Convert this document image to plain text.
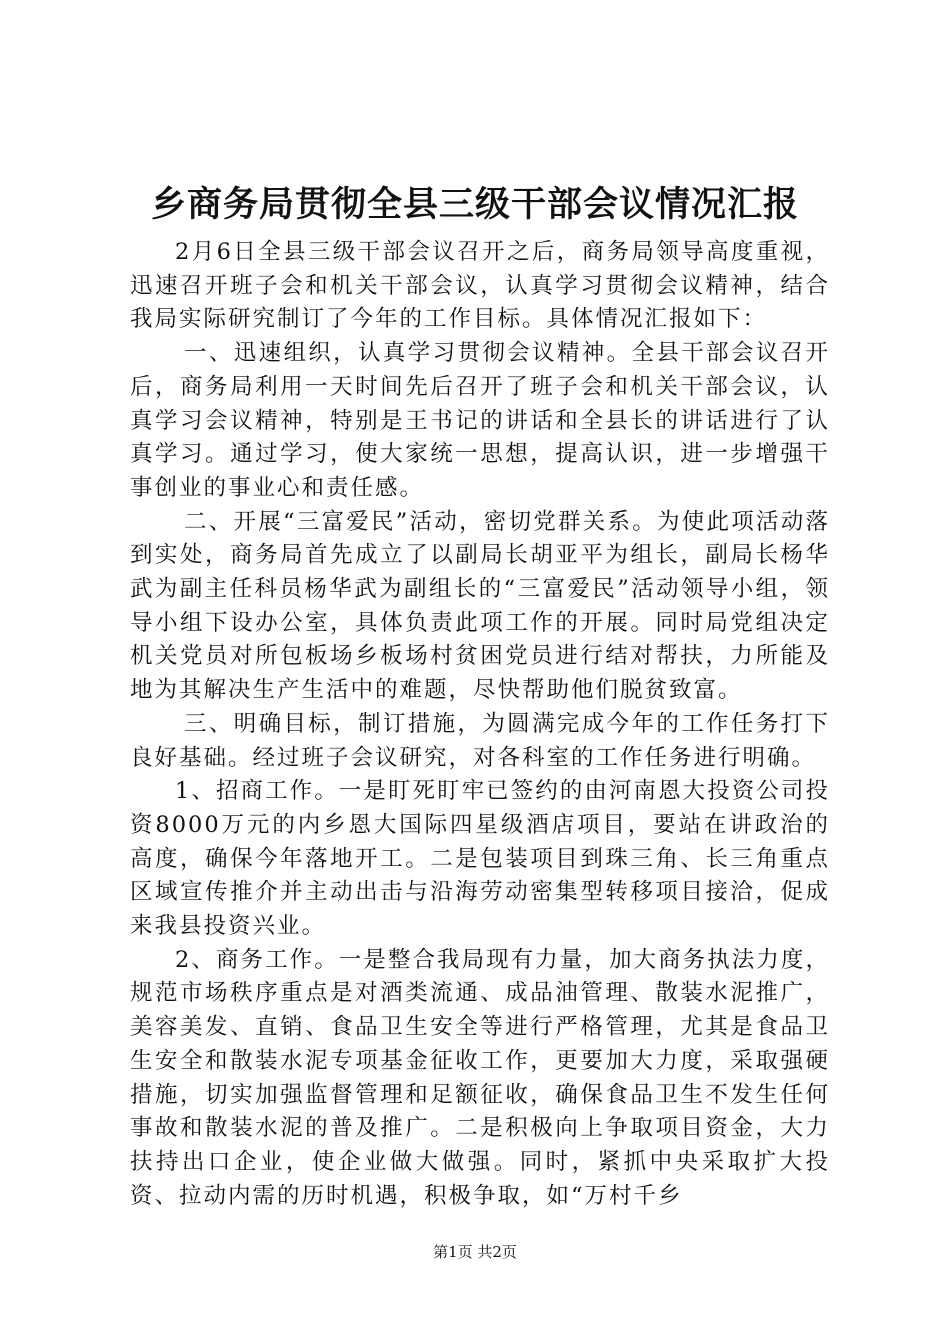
乡商务局贯彻全县三级干部会议情况汇报

2月6日全县三级干部会议召开之后，商务局领导高度重视，迅速召开班子会和机关干部会议，认真学习贯彻会议精神，结合我局实际研究制订了今年的工作目标。具体情况汇报如下：

一、迅速组织，认真学习贯彻会议精神。全县干部会议召开后，商务局利用一天时间先后召开了班子会和机关干部会议，认真学习会议精神，特别是王书记的讲话和全县长的讲话进行了认真学习。通过学习，使大家统一思想，提高认识，进一步增强干事创业的事业心和责任感。

二、开展“三富爱民”活动，密切党群关系。为使此项活动落到实处，商务局首先成立了以副局长胡亚平为组长，副局长杨华武为副主任科员杨华武为副组长的“三富爱民”活动领导小组，领导小组下设办公室，具体负责此项工作的开展。同时局党组决定机关党员对所包板场乡板场村贫困党员进行结对帮扶，力所能及地为其解决生产生活中的难题，尽快帮助他们脱贫致富。

三、明确目标，制订措施，为圆满完成今年的工作任务打下良好基础。经过班子会议研究，对各科室的工作任务进行明确。

1、招商工作。一是盯死盯牢已签约的由河南恩大投资公司投资8000万元的内乡恩大国际四星级酒店项目，要站在讲政治的高度，确保今年落地开工。二是包装项目到珠三角、长三角重点区域宣传推介并主动出击与沿海劳动密集型转移项目接洽，促成来我县投资兴业。

2、商务工作。一是整合我局现有力量，加大商务执法力度，规范市场秩序重点是对酒类流通、成品油管理、散装水泥推广，美容美发、直销、食品卫生安全等进行严格管理，尤其是食品卫生安全和散装水泥专项基金征收工作，更要加大力度，采取强硬措施，切实加强监督管理和足额征收，确保食品卫生不发生任何事故和散装水泥的普及推广。二是积极向上争取项目资金，大力扶持出口企业，使企业做大做强。同时，紧抓中央采取扩大投资、拉动内需的历时机遇，积极争取，如“万村千乡

第1页 共2页
